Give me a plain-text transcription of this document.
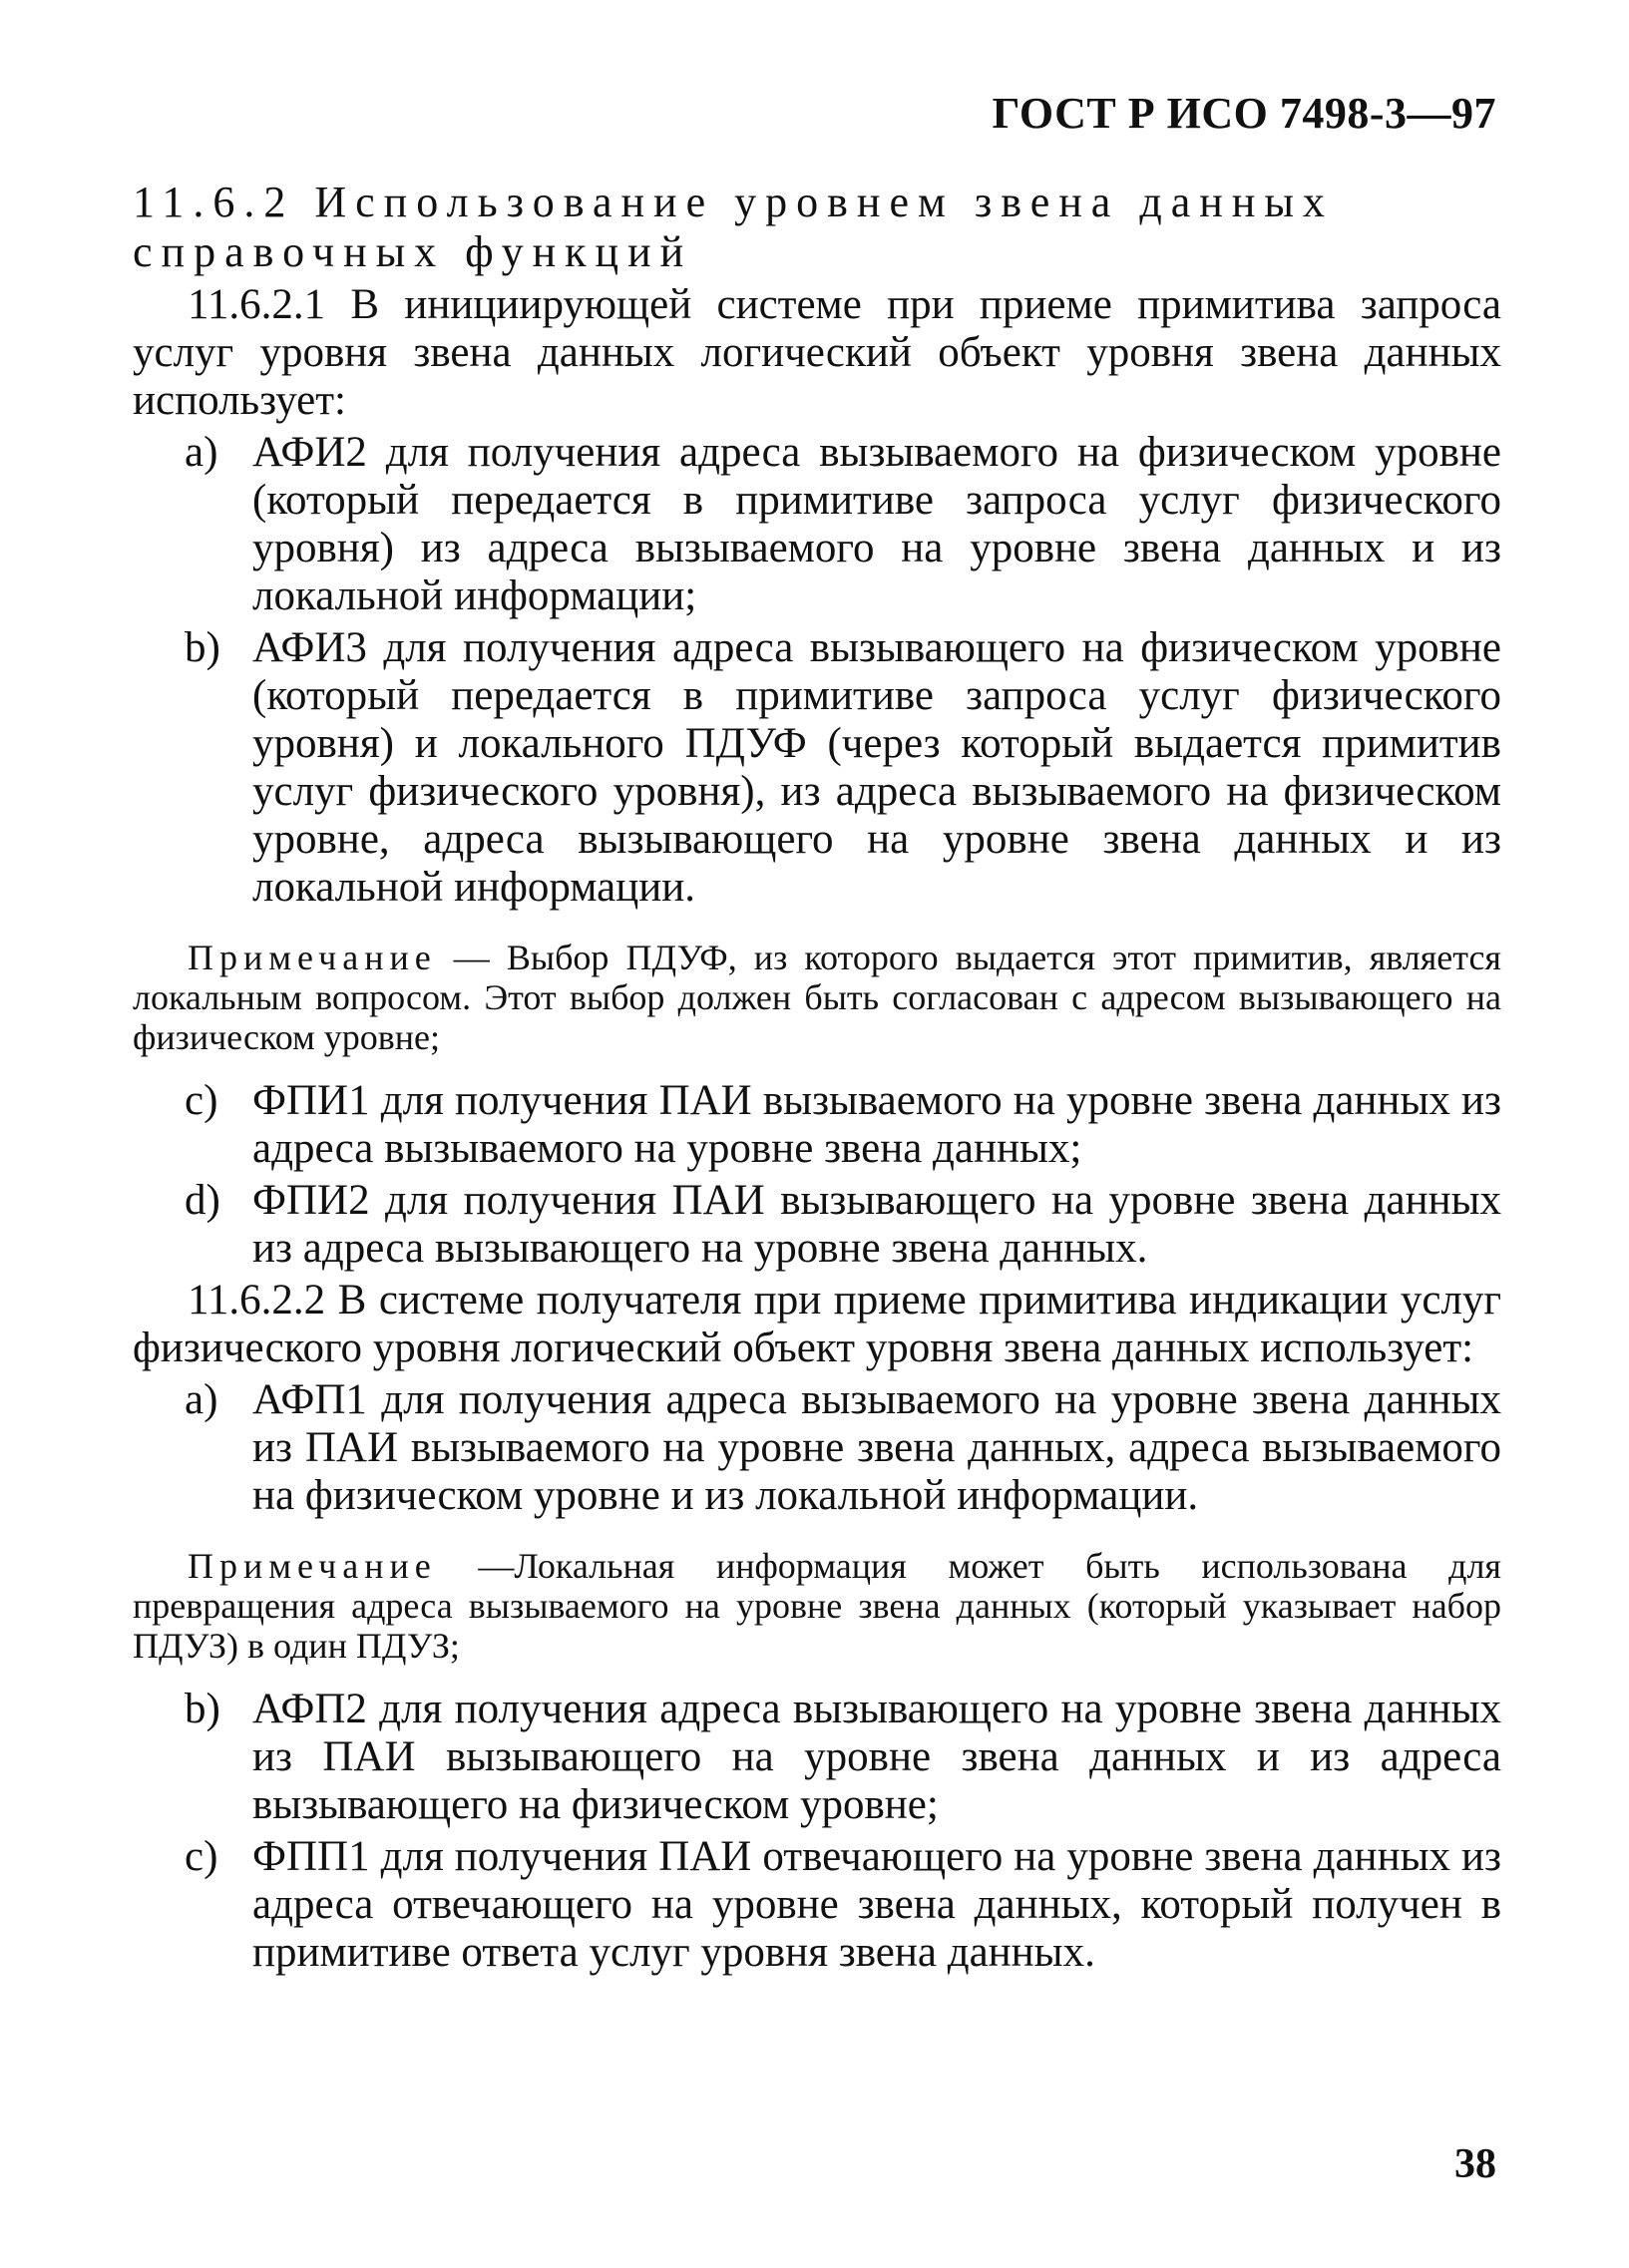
ГОСТ Р ИСО 7498-3—97

11.6.2 Использование уровнем звена данных справочных функций

11.6.2.1 В инициирующей системе при приеме примитива запроса услуг уровня звена данных логический объект уровня звена данных использует:

a) АФИ2 для получения адреса вызываемого на физическом уровне (который передается в примитиве запроса услуг физического уровня) из адреса вызываемого на уровне звена данных и из локальной информации;

b) АФИ3 для получения адреса вызывающего на физическом уровне (который передается в примитиве запроса услуг физического уровня) и локального ПДУФ (через который выдается примитив услуг физического уровня), из адреса вызываемого на физическом уровне, адреса вызывающего на уровне звена данных и из локальной информации.

Примечание — Выбор ПДУФ, из которого выдается этот примитив, является локальным вопросом. Этот выбор должен быть согласован с адресом вызывающего на физическом уровне;

c) ФПИ1 для получения ПАИ вызываемого на уровне звена данных из адреса вызываемого на уровне звена данных;

d) ФПИ2 для получения ПАИ вызывающего на уровне звена данных из адреса вызывающего на уровне звена данных.

11.6.2.2 В системе получателя при приеме примитива индикации услуг физического уровня логический объект уровня звена данных использует:

a) АФП1 для получения адреса вызываемого на уровне звена данных из ПАИ вызываемого на уровне звена данных, адреса вызываемого на физическом уровне и из локальной информации.

Примечание —Локальная информация может быть использована для превращения адреса вызываемого на уровне звена данных (который указывает набор ПДУЗ) в один ПДУЗ;

b) АФП2 для получения адреса вызывающего на уровне звена данных из ПАИ вызывающего на уровне звена данных и из адреса вызывающего на физическом уровне;

c) ФПП1 для получения ПАИ отвечающего на уровне звена данных из адреса отвечающего на уровне звена данных, который получен в примитиве ответа услуг уровня звена данных.

38
